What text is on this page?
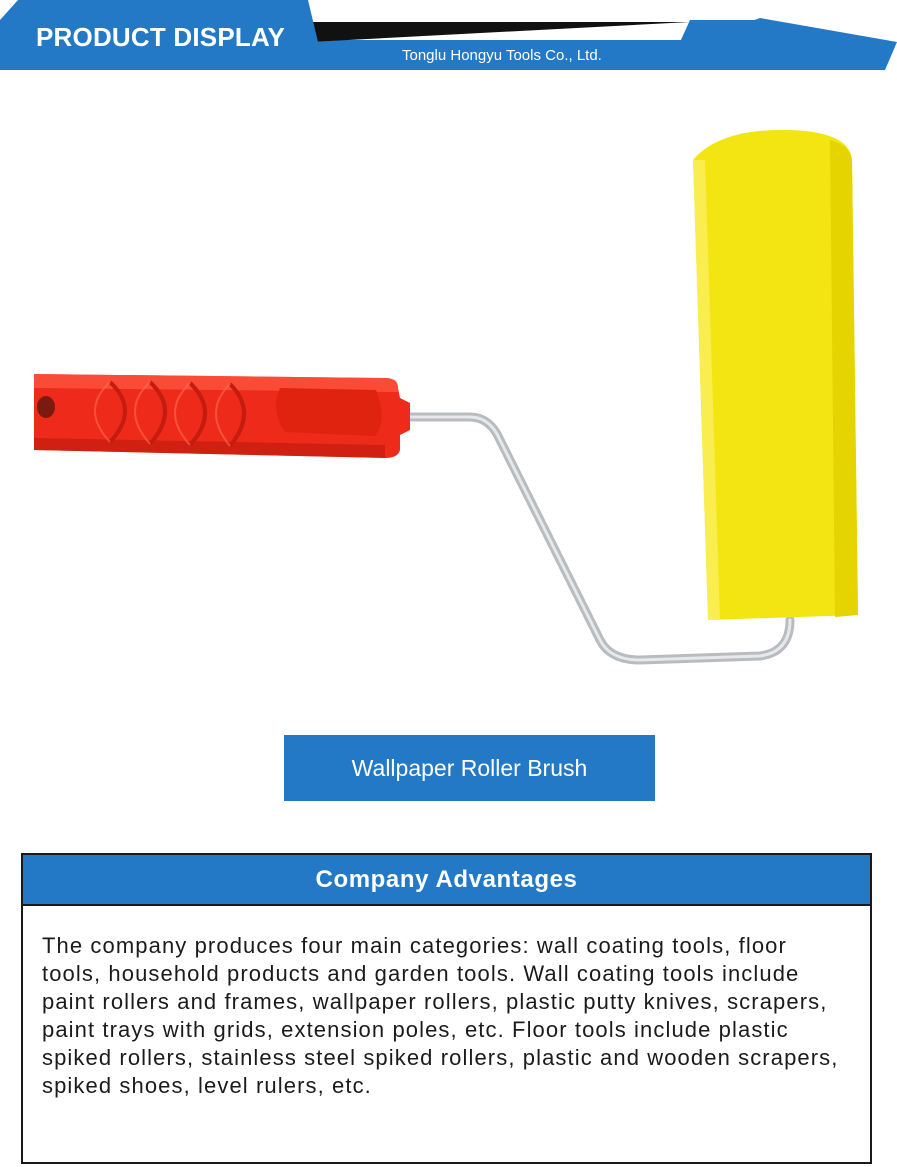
PRODUCT DISPLAY
Tonglu Hongyu Tools Co., Ltd.
Wallpaper Roller Brush
Company Advantages
The company produces four main categories: wall coating tools, floor tools, household products and garden tools. Wall coating tools include paint rollers and frames, wallpaper rollers, plastic putty knives, scrapers, paint trays with grids, extension poles, etc. Floor tools include plastic spiked rollers, stainless steel spiked rollers, plastic and wooden scrapers, spiked shoes, level rulers, etc.
